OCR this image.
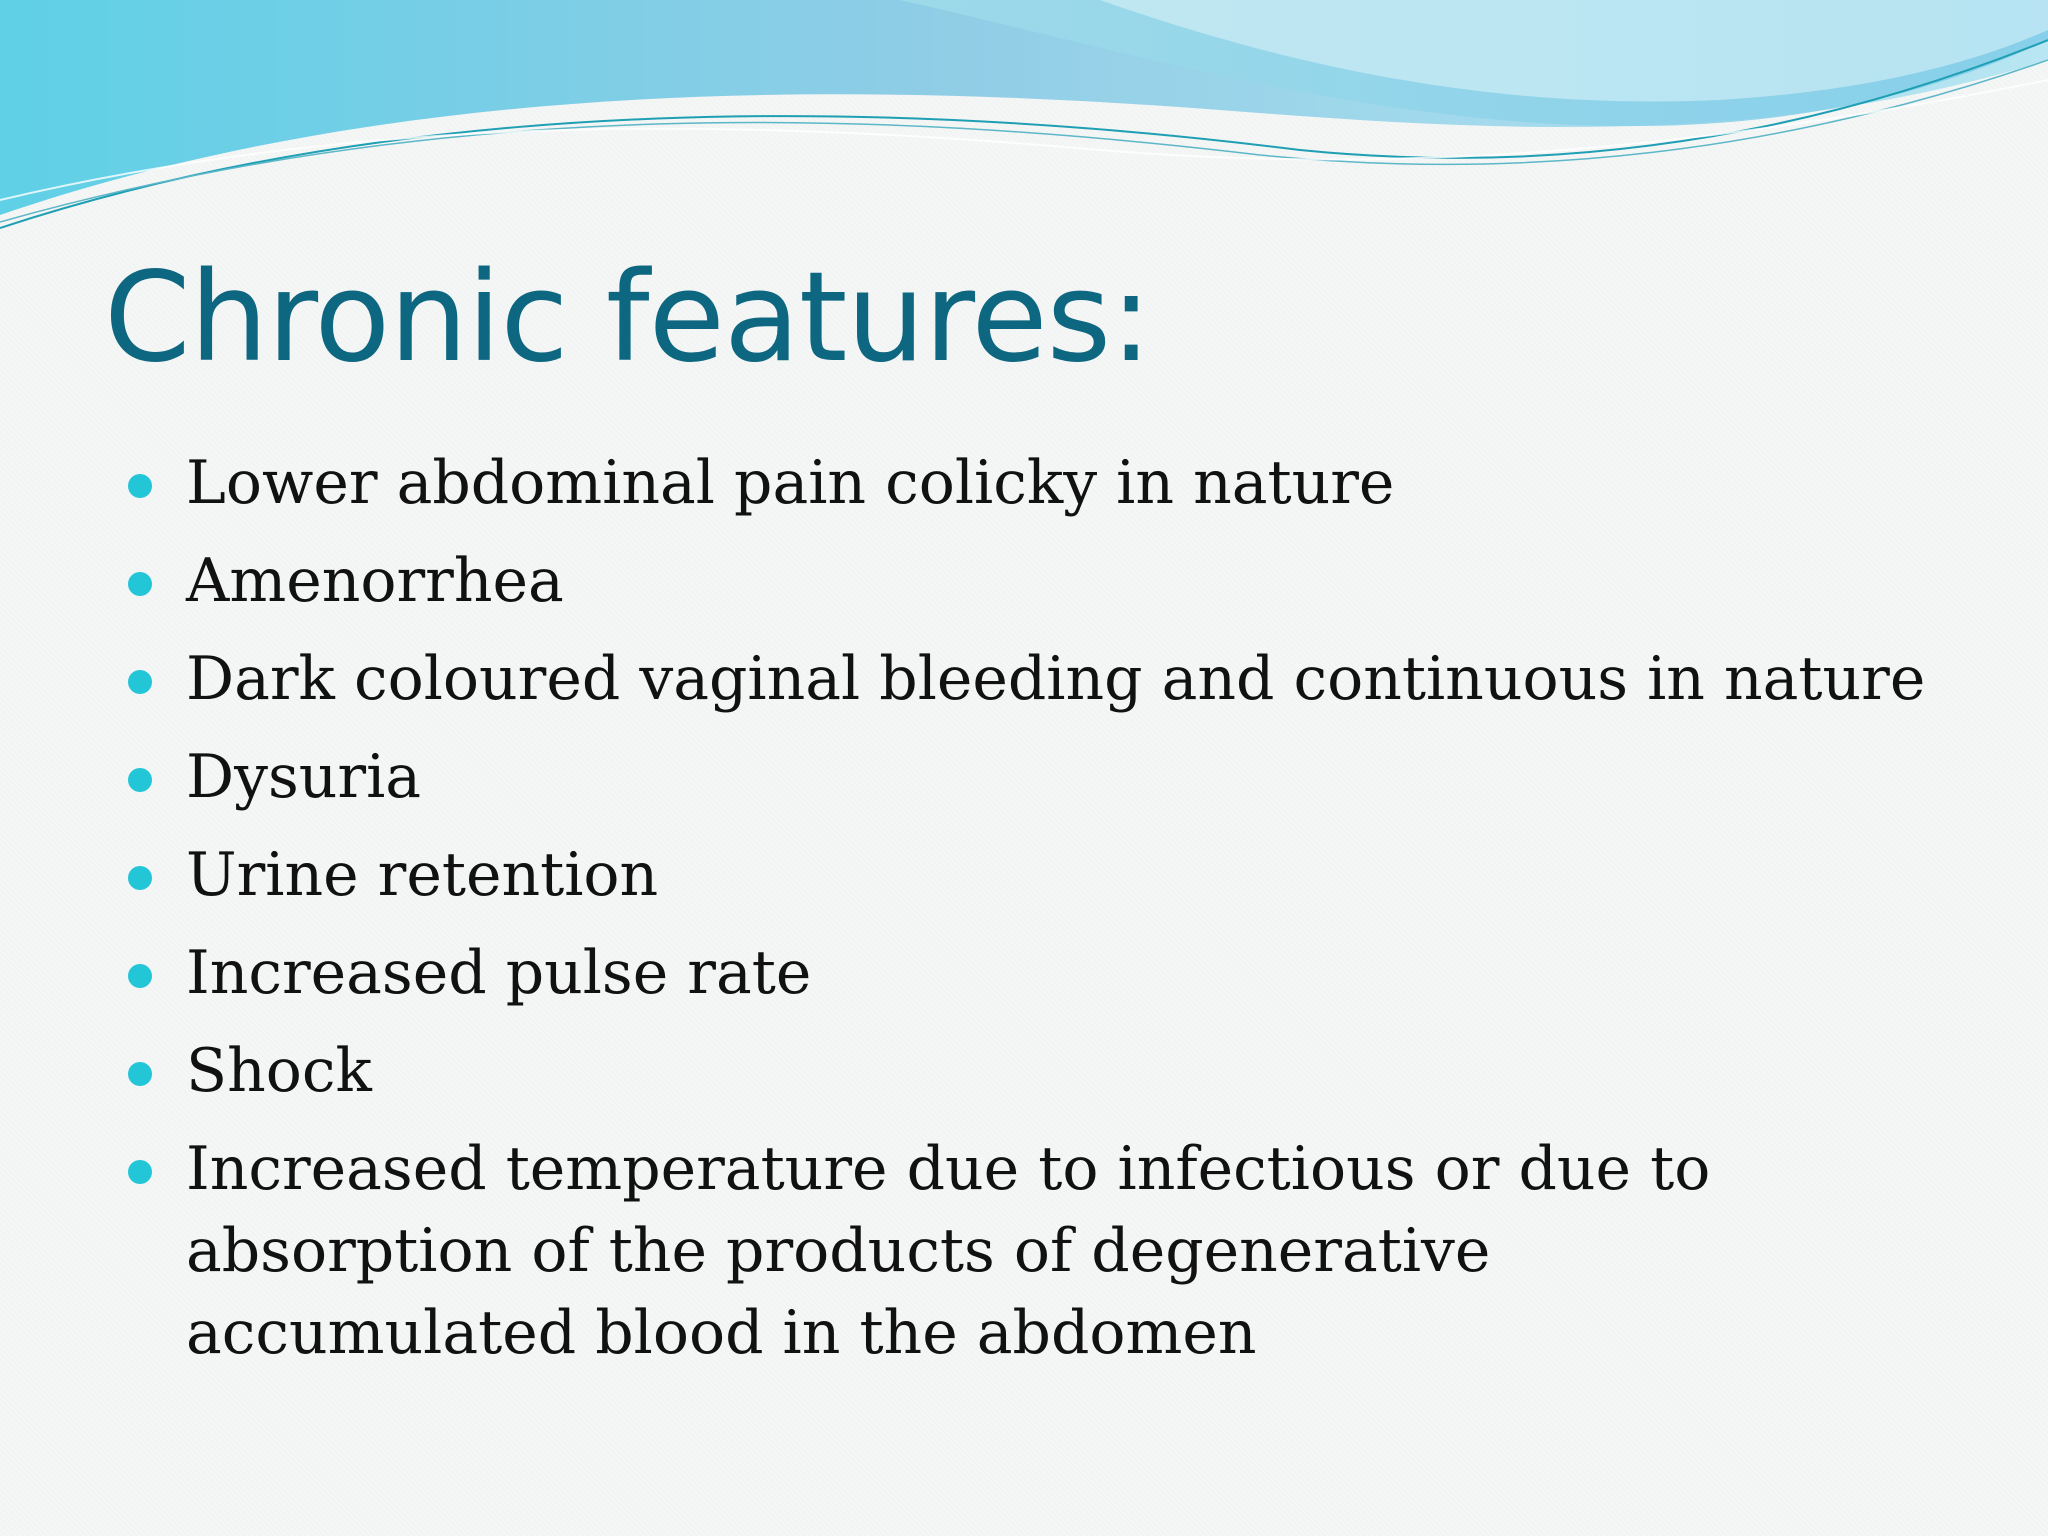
Chronic features:
Lower abdominal pain colicky in nature
Amenorrhea
Dark coloured vaginal bleeding and continuous in nature
Dysuria
Urine retention
Increased pulse rate
Shock
Increased temperature due to infectious or due to absorption of the products of degenerative accumulated blood in the abdomen
